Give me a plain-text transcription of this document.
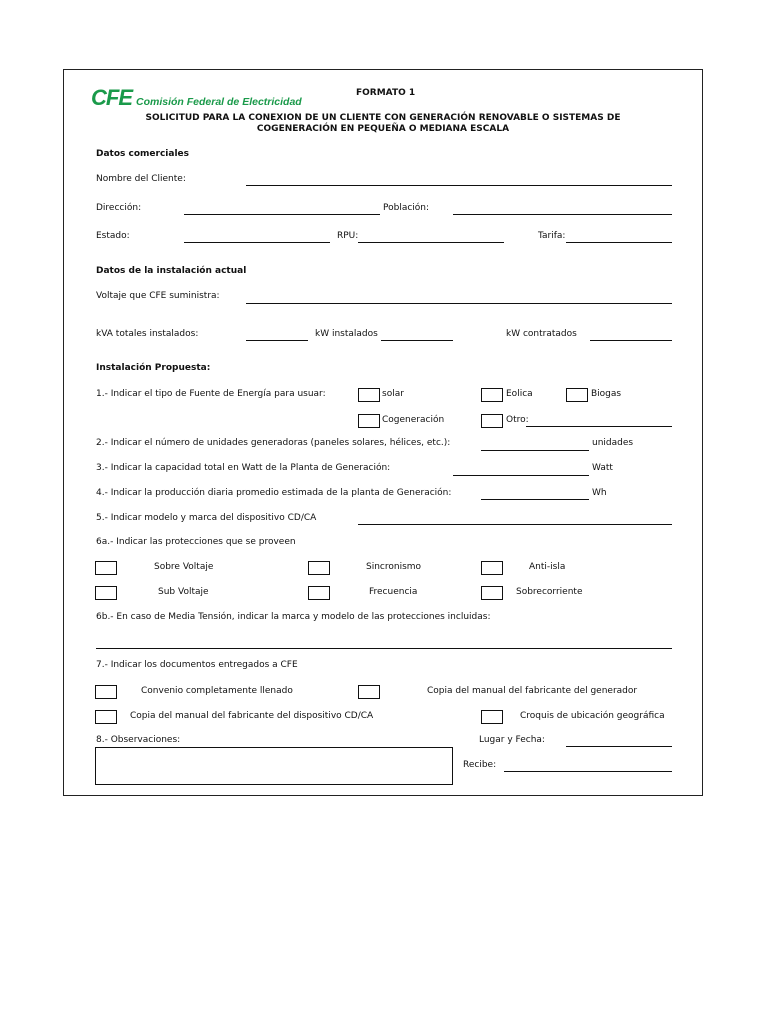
CFE Comisión Federal de Electricidad
FORMATO 1
SOLICITUD PARA LA CONEXION DE UN CLIENTE CON GENERACIÓN RENOVABLE O SISTEMAS DE
COGENERACIÓN EN PEQUEÑA O MEDIANA ESCALA
Datos comerciales
Nombre del Cliente:
Dirección:	Población:
Estado:	RPU:	Tarifa:
Datos de la instalación actual
Voltaje que CFE suministra:
kVA totales instalados:	kW instalados	kW contratados
Instalación Propuesta:
1.- Indicar el tipo de Fuente de Energía para usuar:	solar	Eolica	Biogas
Cogeneración	Otro:
2.- Indicar el número de unidades generadoras (paneles solares, hélices, etc.):	unidades
3.- Indicar la capacidad total en Watt de la Planta de Generación:	Watt
4.- Indicar la producción diaria promedio estimada de la planta de Generación:	Wh
5.- Indicar modelo y marca del dispositivo CD/CA
6a.- Indicar las protecciones que se proveen
Sobre Voltaje	Sincronismo	Anti-isla
Sub Voltaje	Frecuencia	Sobrecorriente
6b.- En caso de Media Tensión, indicar la marca y modelo de las protecciones incluidas:
7.- Indicar los documentos entregados a CFE
Convenio completamente llenado	Copia del manual del fabricante del generador
Copia del manual del fabricante del dispositivo CD/CA	Croquis de ubicación geográfica
8.- Observaciones:	Lugar y Fecha:
Recibe:
